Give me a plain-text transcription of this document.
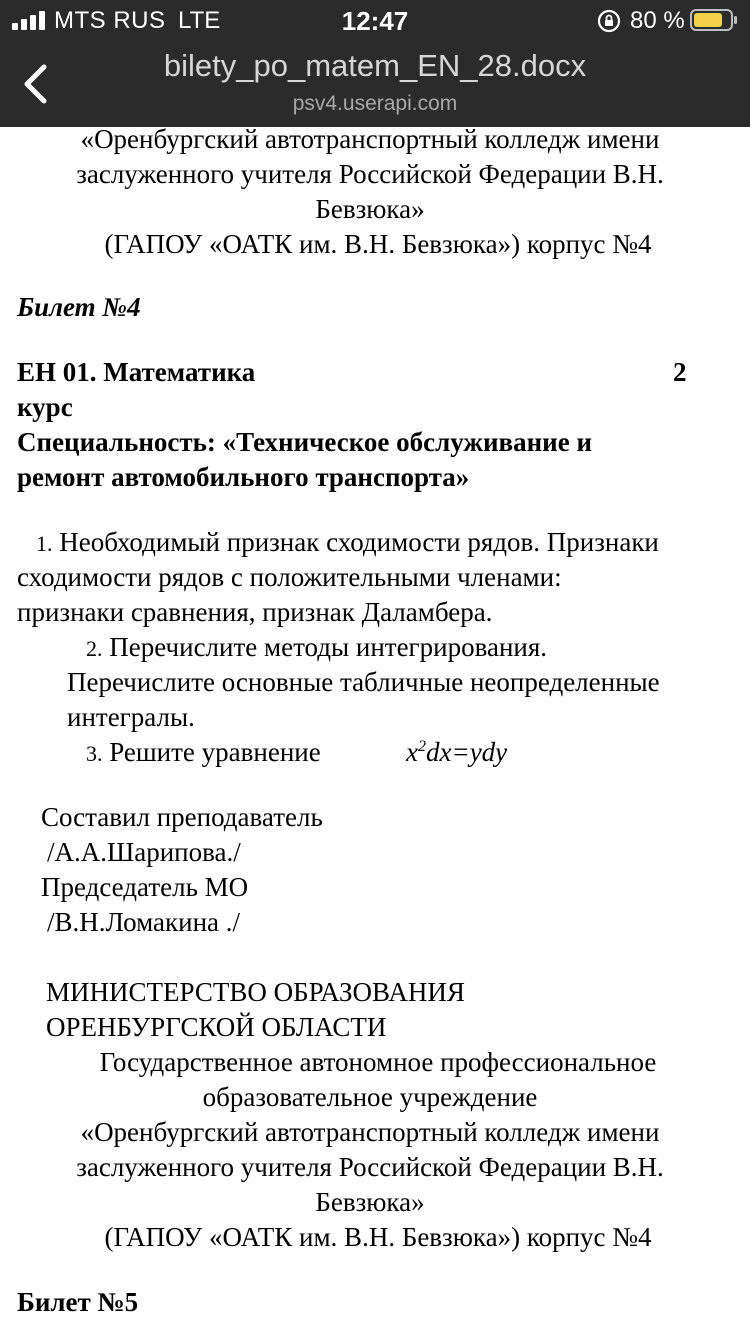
MTS RUS LTE	12:47	80 %
bilety_po_matem_EN_28.docx
psv4.userapi.com
«Оренбургский автотранспортный колледж имени
заслуженного учителя Российской Федерации В.Н.
Бевзюка»
(ГАПОУ «ОАТК им. В.Н. Бевзюка») корпус №4
Билет №4
ЕН 01. Математика	2
курс
Специальность: «Техническое обслуживание и
ремонт автомобильного транспорта»
1. Необходимый признак сходимости рядов. Признаки
сходимости рядов с положительными членами:
признаки сравнения, признак Даламбера.
2. Перечислите методы интегрирования.
Перечислите основные табличные неопределенные
интегралы.
3. Решите уравнение	$x^2dx=ydy$
Составил преподаватель
/А.А.Шарипова./
Председатель МО
/В.Н.Ломакина ./
МИНИСТЕРСТВО ОБРАЗОВАНИЯ
ОРЕНБУРГСКОЙ ОБЛАСТИ
Государственное автономное профессиональное
образовательное учреждение
«Оренбургский автотранспортный колледж имени
заслуженного учителя Российской Федерации В.Н.
Бевзюка»
(ГАПОУ «ОАТК им. В.Н. Бевзюка») корпус №4
Билет №5
